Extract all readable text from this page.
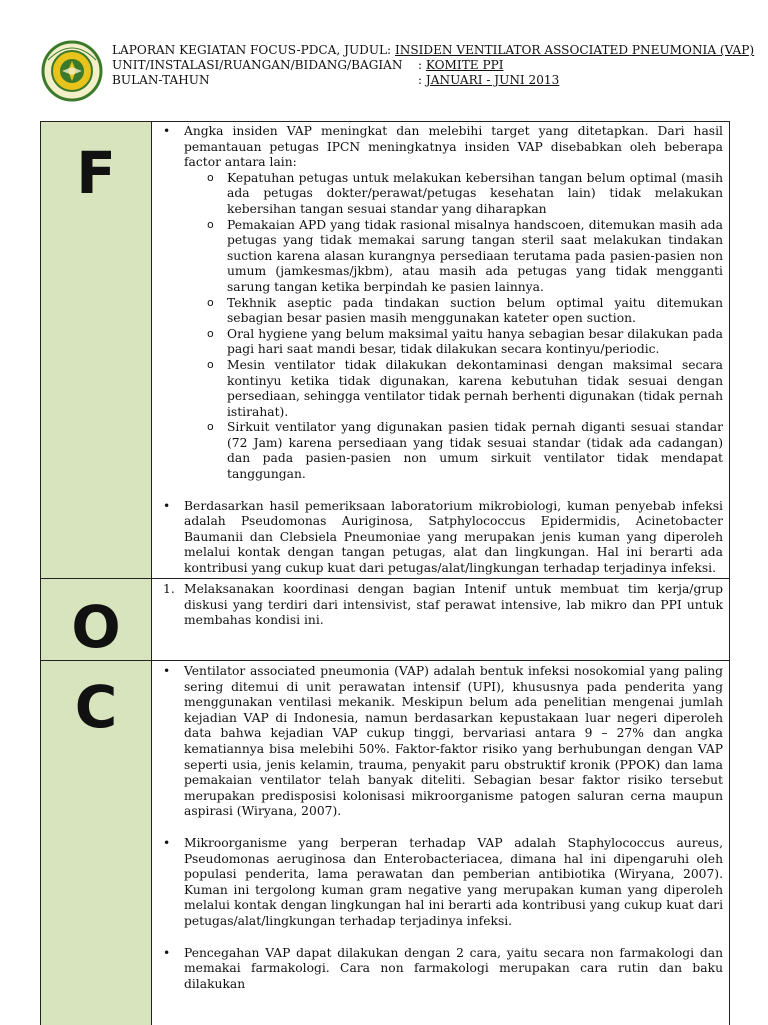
LAPORAN KEGIATAN FOCUS-PDCA, JUDUL: INSIDEN VENTILATOR ASSOCIATED PNEUMONIA (VAP)
UNIT/INSTALASI/RUANGAN/BIDANG/BAGIAN : KOMITE PPI
BULAN-TAHUN	: JANUARI - JUNI 2013
F
O
C
• Angka insiden VAP meningkat dan melebihi target yang ditetapkan. Dari hasil pemantauan petugas IPCN meningkatnya insiden VAP disebabkan oleh beberapa factor antara lain:
o Kepatuhan petugas untuk melakukan kebersihan tangan belum optimal (masih ada petugas dokter/perawat/petugas kesehatan lain) tidak melakukan kebersihan tangan sesuai standar yang diharapkan
o Pemakaian APD yang tidak rasional misalnya handscoen, ditemukan masih ada petugas yang tidak memakai sarung tangan steril saat melakukan tindakan suction karena alasan kurangnya persediaan terutama pada pasien-pasien non umum (jamkesmas/jkbm), atau masih ada petugas yang tidak mengganti sarung tangan ketika berpindah ke pasien lainnya.
o Tekhnik aseptic pada tindakan suction belum optimal yaitu ditemukan sebagian besar pasien masih menggunakan kateter open suction.
o Oral hygiene yang belum maksimal yaitu hanya sebagian besar dilakukan pada pagi hari saat mandi besar, tidak dilakukan secara kontinyu/periodic.
o Mesin ventilator tidak dilakukan dekontaminasi dengan maksimal secara kontinyu ketika tidak digunakan, karena kebutuhan tidak sesuai dengan persediaan, sehingga ventilator tidak pernah berhenti digunakan (tidak pernah istirahat).
o Sirkuit ventilator yang digunakan pasien tidak pernah diganti sesuai standar (72 Jam) karena persediaan yang tidak sesuai standar (tidak ada cadangan) dan pada pasien-pasien non umum sirkuit ventilator tidak mendapat tanggungan.
• Berdasarkan hasil pemeriksaan laboratorium mikrobiologi, kuman penyebab infeksi adalah Pseudomonas Auriginosa, Satphylococcus Epidermidis, Acinetobacter Baumanii dan Clebsiela Pneumoniae yang merupakan jenis kuman yang diperoleh melalui kontak dengan tangan petugas, alat dan lingkungan. Hal ini berarti ada kontribusi yang cukup kuat dari petugas/alat/lingkungan terhadap terjadinya infeksi.
1. Melaksanakan koordinasi dengan bagian Intenif untuk membuat tim kerja/grup diskusi yang terdiri dari intensivist, staf perawat intensive, lab mikro dan PPI untuk membahas kondisi ini.
• Ventilator associated pneumonia (VAP) adalah bentuk infeksi nosokomial yang paling sering ditemui di unit perawatan intensif (UPI), khususnya pada penderita yang menggunakan ventilasi mekanik. Meskipun belum ada penelitian mengenai jumlah kejadian VAP di Indonesia, namun berdasarkan kepustakaan luar negeri diperoleh data bahwa kejadian VAP cukup tinggi, bervariasi antara 9 – 27% dan angka kematiannya bisa melebihi 50%. Faktor-faktor risiko yang berhubungan dengan VAP seperti usia, jenis kelamin, trauma, penyakit paru obstruktif kronik (PPOK) dan lama pemakaian ventilator telah banyak diteliti. Sebagian besar faktor risiko tersebut merupakan predisposisi kolonisasi mikroorganisme patogen saluran cerna maupun aspirasi (Wiryana, 2007).
• Mikroorganisme yang berperan terhadap VAP adalah Staphylococcus aureus, Pseudomonas aeruginosa dan Enterobacteriacea, dimana hal ini dipengaruhi oleh populasi penderita, lama perawatan dan pemberian antibiotika (Wiryana, 2007). Kuman ini tergolong kuman gram negative yang merupakan kuman yang diperoleh melalui kontak dengan lingkungan hal ini berarti ada kontribusi yang cukup kuat dari petugas/alat/lingkungan terhadap terjadinya infeksi.
• Pencegahan VAP dapat dilakukan dengan 2 cara, yaitu secara non farmakologi dan memakai farmakologi. Cara non farmakologi merupakan cara rutin dan baku dilakukan
